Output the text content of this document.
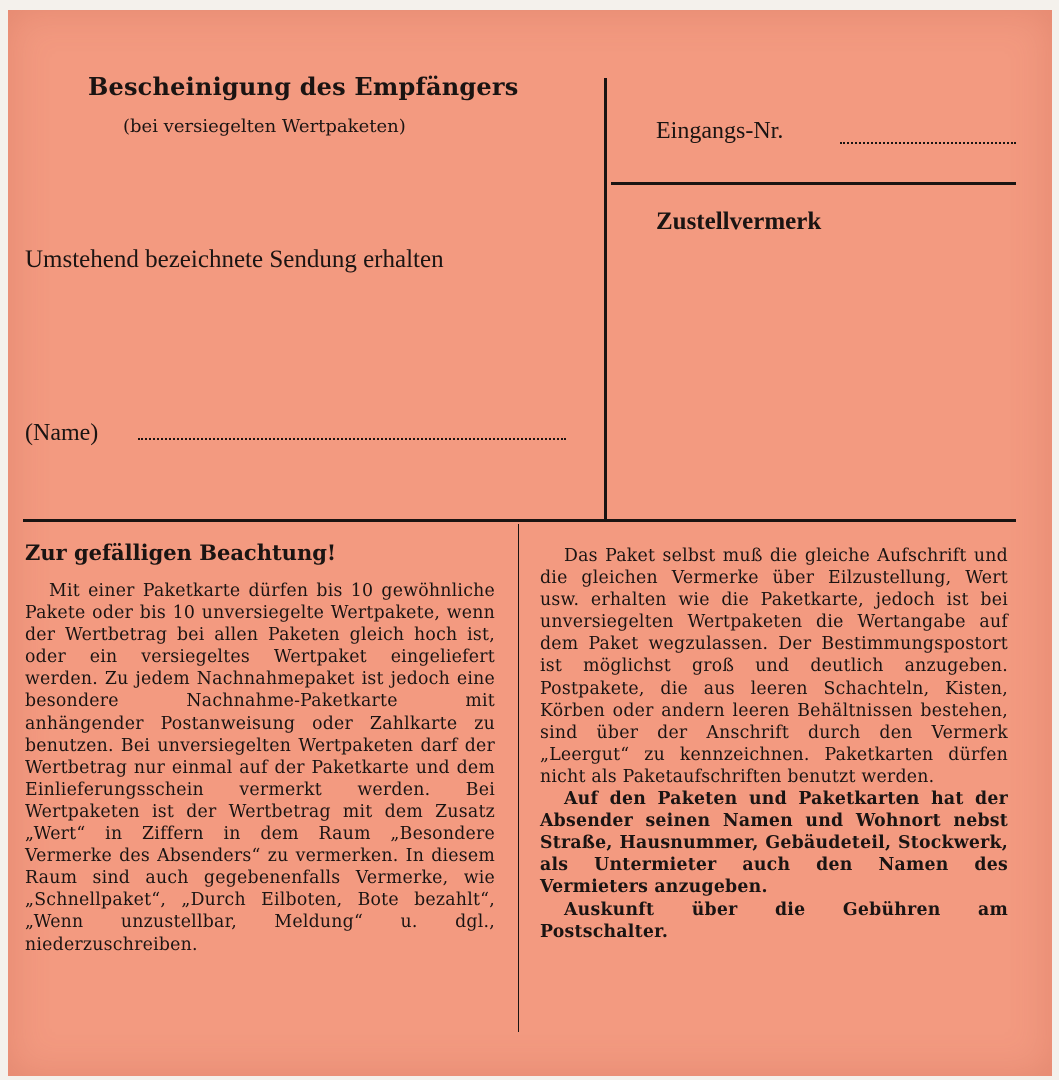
Bescheinigung des Empfängers
(bei versiegelten Wertpaketen)
Umstehend bezeichnete Sendung erhalten
(Name)
Eingangs-Nr.
Zustellvermerk
Zur gefälligen Beachtung!

Mit einer Paketkarte dürfen bis 10 gewöhnliche Pakete oder bis 10 unversiegelte Wertpakete, wenn der Wertbetrag bei allen Paketen gleich hoch ist, oder ein versiegeltes Wertpaket eingeliefert werden. Zu jedem Nachnahmepaket ist jedoch eine besondere Nachnahme-Paketkarte mit anhängender Postanweisung oder Zahlkarte zu benutzen. Bei unversiegelten Wertpaketen darf der Wertbetrag nur einmal auf der Paketkarte und dem Einlieferungsschein vermerkt werden. Bei Wertpaketen ist der Wertbetrag mit dem Zusatz „Wert“ in Ziffern in dem Raum „Besondere Vermerke des Absenders“ zu vermerken. In diesem Raum sind auch gegebenenfalls Vermerke, wie „Schnellpaket“, „Durch Eilboten, Bote bezahlt“, „Wenn unzustellbar, Meldung“ u. dgl., niederzuschreiben.

Das Paket selbst muß die gleiche Aufschrift und die gleichen Vermerke über Eilzustellung, Wert usw. erhalten wie die Paketkarte, jedoch ist bei unversiegelten Wertpaketen die Wertangabe auf dem Paket wegzulassen. Der Bestimmungspostort ist möglichst groß und deutlich anzugeben. Postpakete, die aus leeren Schachteln, Kisten, Körben oder andern leeren Behältnissen bestehen, sind über der Anschrift durch den Vermerk „Leergut“ zu kennzeichnen. Paketkarten dürfen nicht als Paketaufschriften benutzt werden.

Auf den Paketen und Paketkarten hat der Absender seinen Namen und Wohnort nebst Straße, Hausnummer, Gebäudeteil, Stockwerk, als Untermieter auch den Namen des Vermieters anzugeben.

Auskunft über die Gebühren am Postschalter.
